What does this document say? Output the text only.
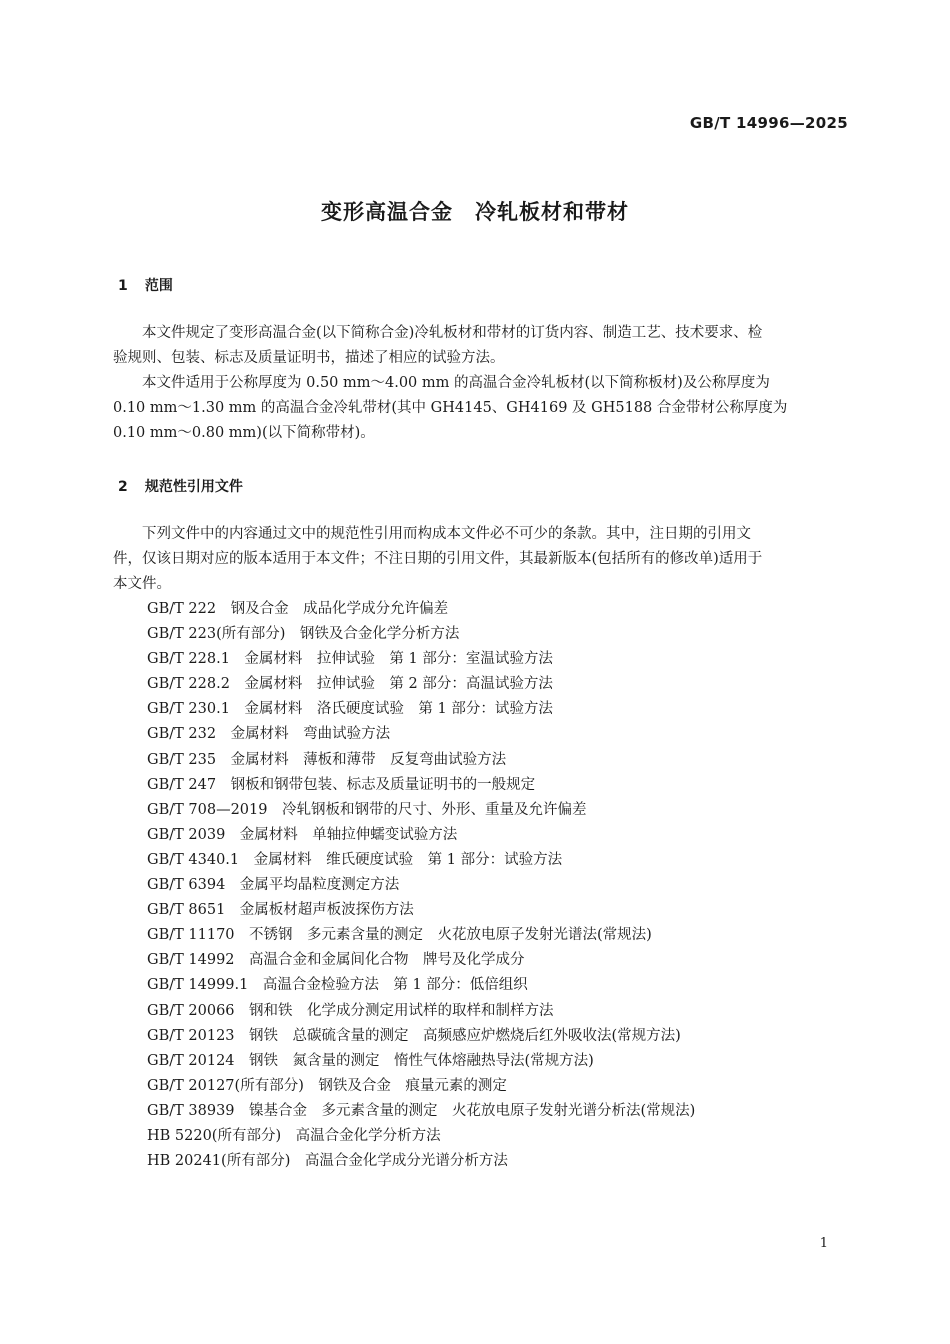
GB/T 14996—2025
变形高温合金　冷轧板材和带材
1 范围

　　本文件规定了变形高温合金(以下简称合金)冷轧板材和带材的订货内容、制造工艺、技术要求、检
验规则、包装、标志及质量证明书，描述了相应的试验方法。

　　本文件适用于公称厚度为 0.50 mm～4.00 mm 的高温合金冷轧板材(以下简称板材)及公称厚度为
0.10 mm～1.30 mm 的高温合金冷轧带材(其中 GH4145、GH4169 及 GH5188 合金带材公称厚度为
0.10 mm～0.80 mm)(以下简称带材)。

2 规范性引用文件

　　下列文件中的内容通过文中的规范性引用而构成本文件必不可少的条款。其中，注日期的引用文
件，仅该日期对应的版本适用于本文件；不注日期的引用文件，其最新版本(包括所有的修改单)适用于
本文件。

GB/T 222　钢及合金　成品化学成分允许偏差
GB/T 223(所有部分)　钢铁及合金化学分析方法
GB/T 228.1　金属材料　拉伸试验　第 1 部分：室温试验方法
GB/T 228.2　金属材料　拉伸试验　第 2 部分：高温试验方法
GB/T 230.1　金属材料　洛氏硬度试验　第 1 部分：试验方法
GB/T 232　金属材料　弯曲试验方法
GB/T 235　金属材料　薄板和薄带　反复弯曲试验方法
GB/T 247　钢板和钢带包装、标志及质量证明书的一般规定
GB/T 708—2019　冷轧钢板和钢带的尺寸、外形、重量及允许偏差
GB/T 2039　金属材料　单轴拉伸蠕变试验方法
GB/T 4340.1　金属材料　维氏硬度试验　第 1 部分：试验方法
GB/T 6394　金属平均晶粒度测定方法
GB/T 8651　金属板材超声板波探伤方法
GB/T 11170　不锈钢　多元素含量的测定　火花放电原子发射光谱法(常规法)
GB/T 14992　高温合金和金属间化合物　牌号及化学成分
GB/T 14999.1　高温合金检验方法　第 1 部分：低倍组织
GB/T 20066　钢和铁　化学成分测定用试样的取样和制样方法
GB/T 20123　钢铁　总碳硫含量的测定　高频感应炉燃烧后红外吸收法(常规方法)
GB/T 20124　钢铁　氮含量的测定　惰性气体熔融热导法(常规方法)
GB/T 20127(所有部分)　钢铁及合金　痕量元素的测定
GB/T 38939　镍基合金　多元素含量的测定　火花放电原子发射光谱分析法(常规法)
HB 5220(所有部分)　高温合金化学分析方法
HB 20241(所有部分)　高温合金化学成分光谱分析方法
1
